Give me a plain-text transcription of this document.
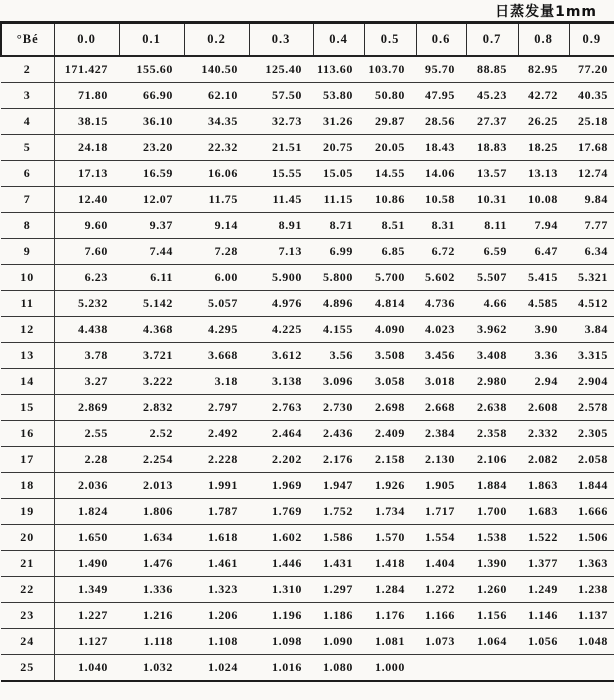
日蒸发量1mm
°Bé	0.0	0.1	0.2	0.3	0.4	0.5	0.6	0.7	0.8	0.9
2	171.427	155.60	140.50	125.40	113.60	103.70	95.70	88.85	82.95	77.20
3	71.80	66.90	62.10	57.50	53.80	50.80	47.95	45.23	42.72	40.35
4	38.15	36.10	34.35	32.73	31.26	29.87	28.56	27.37	26.25	25.18
5	24.18	23.20	22.32	21.51	20.75	20.05	18.43	18.83	18.25	17.68
6	17.13	16.59	16.06	15.55	15.05	14.55	14.06	13.57	13.13	12.74
7	12.40	12.07	11.75	11.45	11.15	10.86	10.58	10.31	10.08	9.84
8	9.60	9.37	9.14	8.91	8.71	8.51	8.31	8.11	7.94	7.77
9	7.60	7.44	7.28	7.13	6.99	6.85	6.72	6.59	6.47	6.34
10	6.23	6.11	6.00	5.900	5.800	5.700	5.602	5.507	5.415	5.321
11	5.232	5.142	5.057	4.976	4.896	4.814	4.736	4.66	4.585	4.512
12	4.438	4.368	4.295	4.225	4.155	4.090	4.023	3.962	3.90	3.84
13	3.78	3.721	3.668	3.612	3.56	3.508	3.456	3.408	3.36	3.315
14	3.27	3.222	3.18	3.138	3.096	3.058	3.018	2.980	2.94	2.904
15	2.869	2.832	2.797	2.763	2.730	2.698	2.668	2.638	2.608	2.578
16	2.55	2.52	2.492	2.464	2.436	2.409	2.384	2.358	2.332	2.305
17	2.28	2.254	2.228	2.202	2.176	2.158	2.130	2.106	2.082	2.058
18	2.036	2.013	1.991	1.969	1.947	1.926	1.905	1.884	1.863	1.844
19	1.824	1.806	1.787	1.769	1.752	1.734	1.717	1.700	1.683	1.666
20	1.650	1.634	1.618	1.602	1.586	1.570	1.554	1.538	1.522	1.506
21	1.490	1.476	1.461	1.446	1.431	1.418	1.404	1.390	1.377	1.363
22	1.349	1.336	1.323	1.310	1.297	1.284	1.272	1.260	1.249	1.238
23	1.227	1.216	1.206	1.196	1.186	1.176	1.166	1.156	1.146	1.137
24	1.127	1.118	1.108	1.098	1.090	1.081	1.073	1.064	1.056	1.048
25	1.040	1.032	1.024	1.016	1.080	1.000				
